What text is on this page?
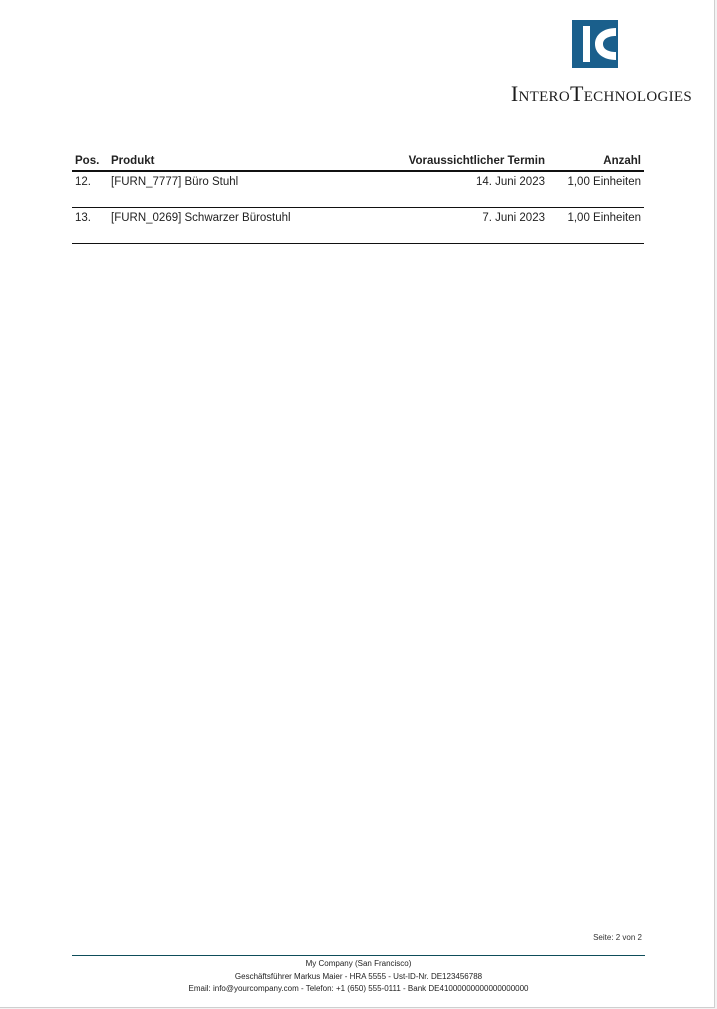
InteroTechnologies
Pos.	Produkt	Voraussichtlicher Termin	Anzahl
12.	[FURN_7777] Büro Stuhl	14. Juni 2023	1,00 Einheiten
13.	[FURN_0269] Schwarzer Bürostuhl	7. Juni 2023	1,00 Einheiten
Seite: 2 von 2
My Company (San Francisco)
Geschäftsführer Markus Maier - HRA 5555 - Ust-ID-Nr. DE123456788
Email: info@yourcompany.com - Telefon: +1 (650) 555-0111 - Bank DE41000000000000000000
